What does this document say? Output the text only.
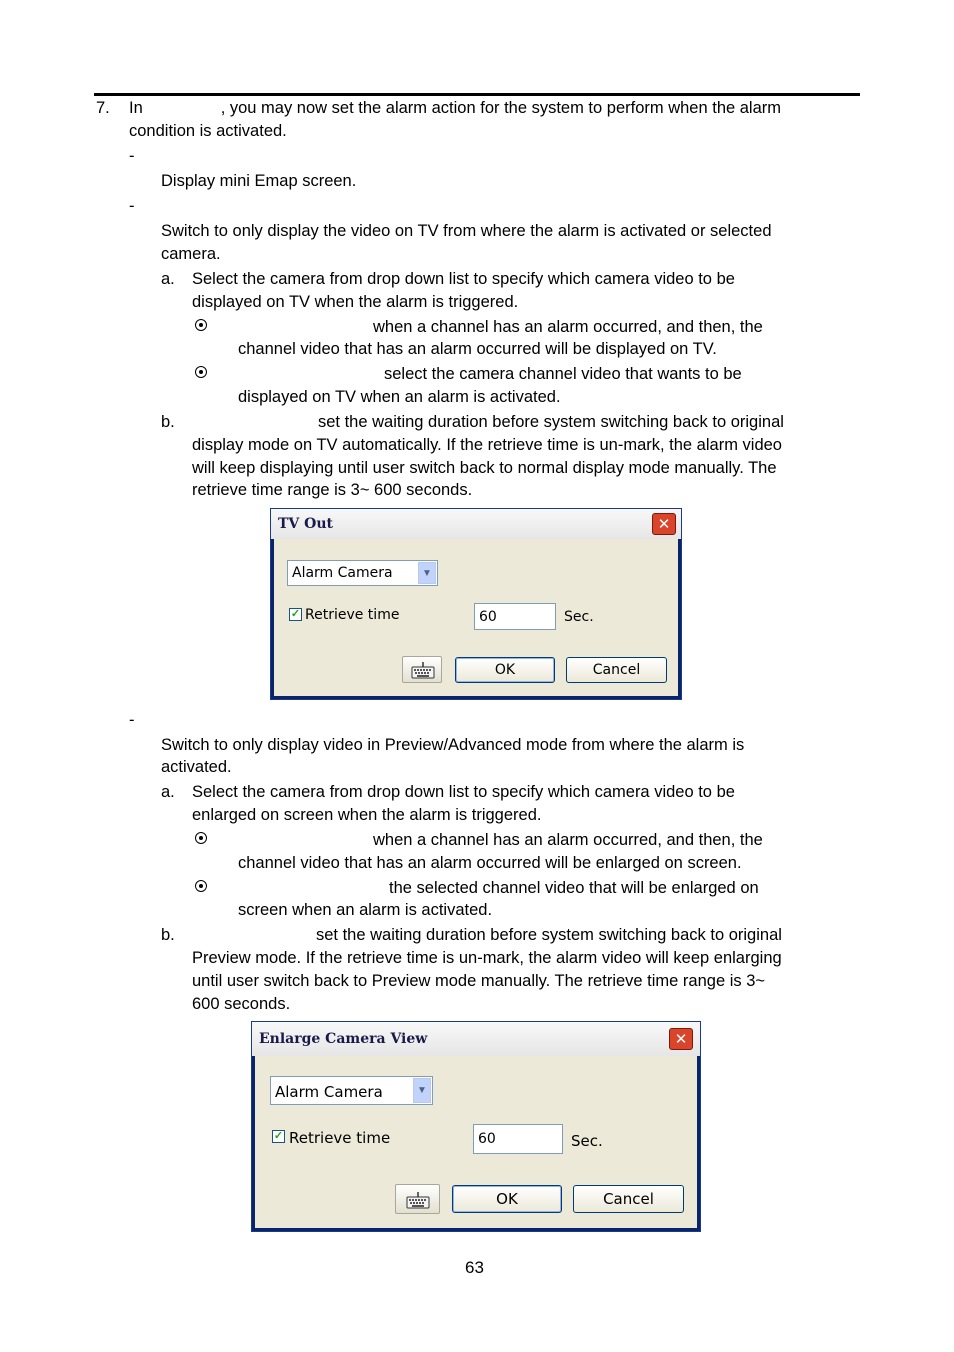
7. In                 , you may now set the alarm action for the system to perform when the alarm
condition is activated.
-
Display mini Emap screen.
-
Switch to only display the video on TV from where the alarm is activated or selected
camera.
a. Select the camera from drop down list to specify which camera video to be
displayed on TV when the alarm is triggered.
when a channel has an alarm occurred, and then, the
channel video that has an alarm occurred will be displayed on TV.
select the camera channel video that wants to be
displayed on TV when an alarm is activated.
b.	set the waiting duration before system switching back to original
display mode on TV automatically. If the retrieve time is un-mark, the alarm video
will keep displaying until user switch back to normal display mode manually. The
retrieve time range is 3~ 600 seconds.
TV Out	✕
Alarm Camera	▼
✓ Retrieve time
60	Sec.
OK	Cancel
-
Switch to only display video in Preview/Advanced mode from where the alarm is
activated.
a. Select the camera from drop down list to specify which camera video to be
enlarged on screen when the alarm is triggered.
when a channel has an alarm occurred, and then, the
channel video that has an alarm occurred will be enlarged on screen.
the selected channel video that will be enlarged on
screen when an alarm is activated.
b.	set the waiting duration before system switching back to original
Preview mode. If the retrieve time is un-mark, the alarm video will keep enlarging
until user switch back to Preview mode manually. The retrieve time range is 3~
600 seconds.
Enlarge Camera View	✕
Alarm Camera	▼
✓ Retrieve time
60	Sec.
OK	Cancel
63
